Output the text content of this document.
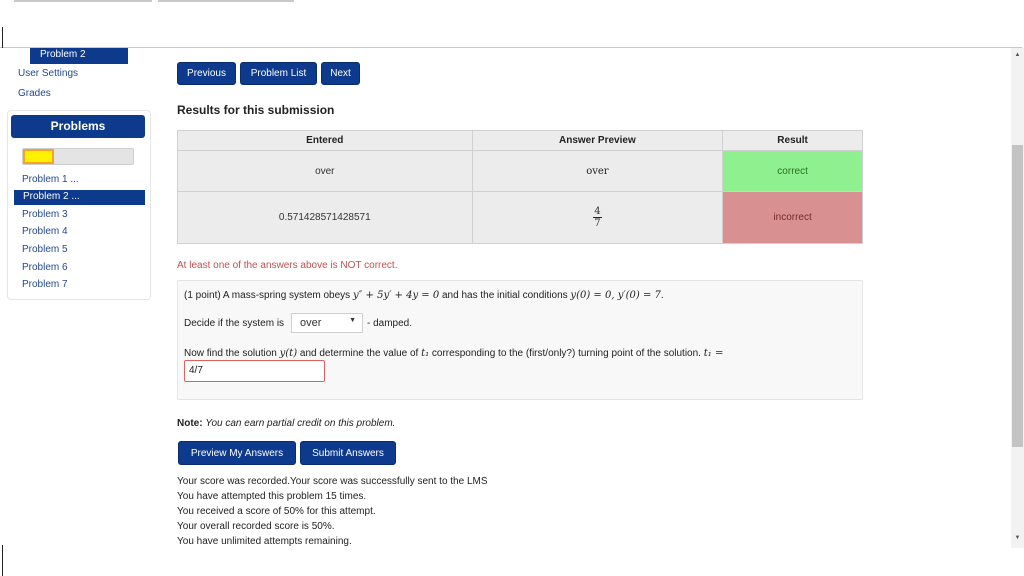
Problem 2
User Settings
Grades
Problems
Problem 1 ...
Problem 2 ...
Problem 3
Problem 4
Problem 5
Problem 6
Problem 7
Previous	Problem List	Next
Results for this submission
Entered	Answer Preview	Result
over	over	correct
0.571428571428571	$\frac{4}{7}$	incorrect
At least one of the answers above is NOT correct.
(1 point) A mass-spring system obeys y″ + 5y′ + 4y = 0 and has the initial conditions y(0) = 0, y′(0) = 7.
Decide if the system is	over	▼ - damped.
Now find the solution y(t) and determine the value of t₁ corresponding to the (first/only?) turning point of the solution. t₁ =
4/7
Note: You can earn partial credit on this problem.
Preview My Answers	Submit Answers
Your score was recorded.Your score was successfully sent to the LMS
You have attempted this problem 15 times.
You received a score of 50% for this attempt.
Your overall recorded score is 50%.
You have unlimited attempts remaining.
▲
▼
